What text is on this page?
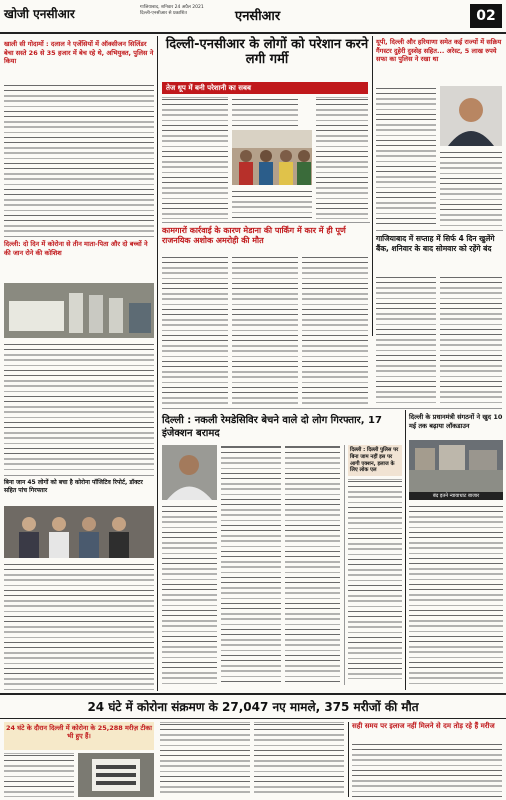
खोजी एनसीआर	गाजियाबाद, शनिवार 24 अप्रैल 2021
दिल्ली-एनसीआर से प्रकाशित	एनसीआर	02
खाली सी गोदामों : दलाल ने एजेंसियों में ऑक्सीजन सिलिंडर बेचा सस्ते 26 से 35 हजार में बेच रहे थे, अभियुक्त, पुलिस ने किया
दिल्ली: दो दिन में कोरोना से तीन माता-पिता और दो बच्चों ने की जान रोने की कोशिश
बिना जान 45 लोगों को बचा है कोरोना पॉजिटिव रिपोर्ट, डॉक्टर सहित पांच गिरफ्तार
दिल्ली-एनसीआर के लोगों को परेशान करने लगी गर्मी
तेज धूप में बनी परेशानी का सबब
कामगारों कार्रवाई के कारण मेडाना की पार्किंग में कार में ही पूर्ण राजनयिक अशोक अमरोही की मौत
यूपी, दिल्ली और हरियाणा समेत कई राज्यों में सक्रिय गैंगस्टर दुहेरी दुस्सेह सहित... अरेस्ट, 5 लाख रुपये सफा का पुलिस ने रखा था
गाजियाबाद में सप्ताह में सिर्फ 4 दिन खुलेंगे बैंक, शनिवार के बाद सोमवार को रहेंगे बंद
दिल्ली : नकली रेमडेसिविर बेचने वाले दो लोग गिरफ्तार, 17 इंजेक्शन बरामद
दिल्ली : दिल्ली पुलिस पर बिना जाम नहीं इस पर आगी एक्शन, इलाज के लिए लोक एल
दिल्ली के प्रधानमंत्री संगठनों ने खुद 10 मई तक बढ़ाया लॉकडाउन
बंद इतने न्यायाधाट बाजार
24 घंटे में कोरोना संक्रमण के 27,047 नए मामले, 375 मरीजों की मौत
24 घंटे के दौरान दिल्ली में कोरोना के 25,288 मरीज़ टीका भी हुए हैं।
सही समय पर इलाज नहीं मिलने से दम तोड़ रहे हैं मरीज
